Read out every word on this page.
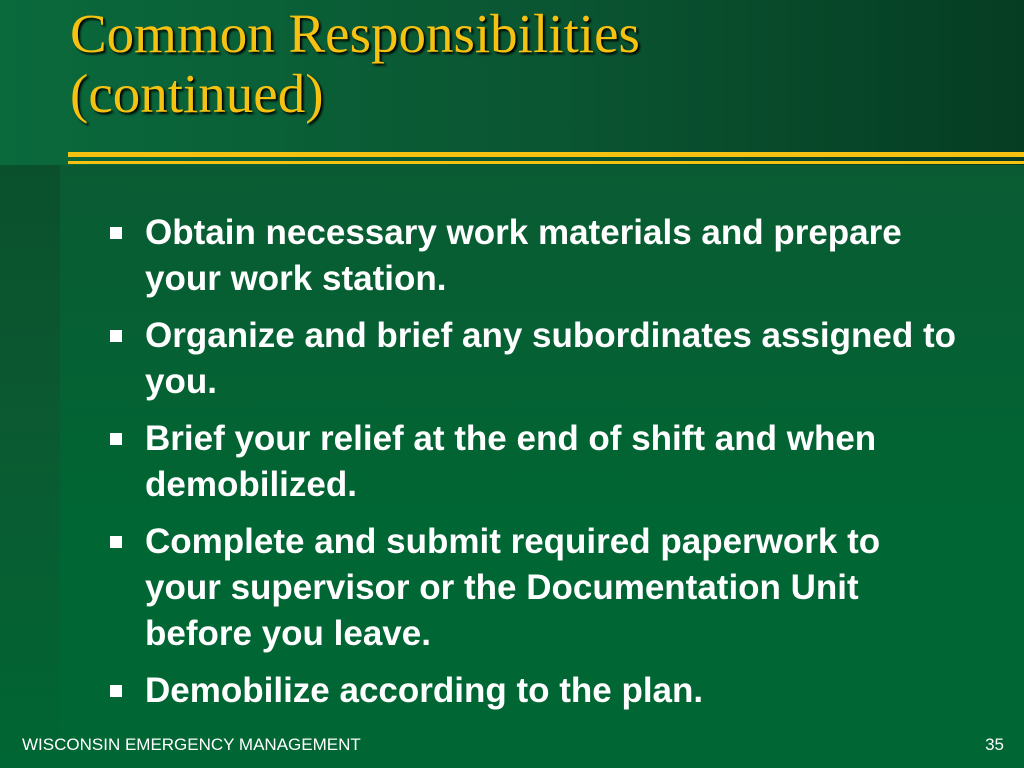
Common Responsibilities
(continued)
Obtain necessary work materials and prepare your work station.
Organize and brief any subordinates assigned to you.
Brief your relief at the end of shift and when demobilized.
Complete and submit required paperwork to your supervisor or the Documentation Unit before you leave.
Demobilize according to the plan.
WISCONSIN EMERGENCY MANAGEMENT	35
